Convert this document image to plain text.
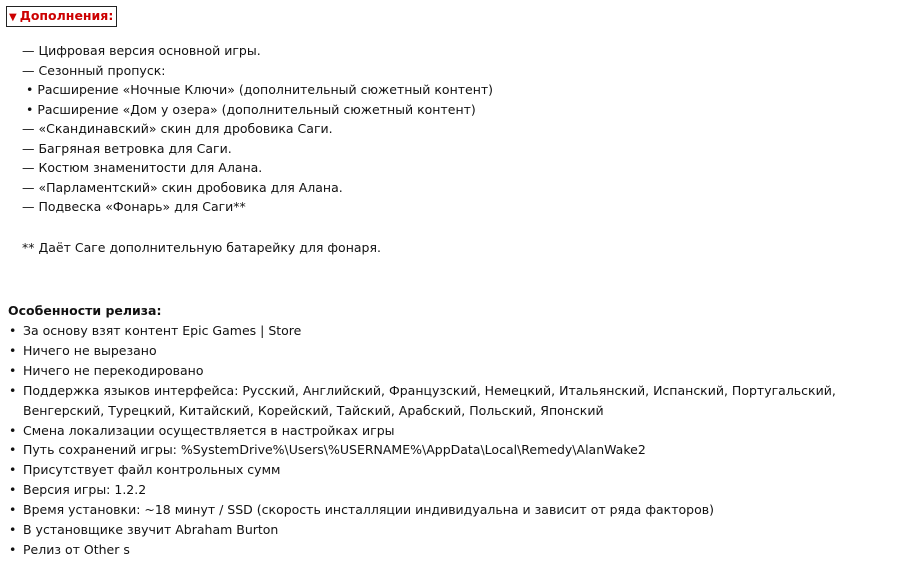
▼ Дополнения:
— Цифровая версия основной игры.
— Сезонный пропуск:
• Расширение «Ночные Ключи» (дополнительный сюжетный контент)
• Расширение «Дом у озера» (дополнительный сюжетный контент)
— «Скандинавский» скин для дробовика Саги.
— Багряная ветровка для Саги.
— Костюм знаменитости для Алана.
— «Парламентский» скин дробовика для Алана.
— Подвеска «Фонарь» для Саги**
** Даёт Саге дополнительную батарейку для фонаря.
Особенности релиза:
• За основу взят контент Epic Games | Store
• Ничего не вырезано
• Ничего не перекодировано
• Поддержка языков интерфейса: Русский, Английский, Французский, Немецкий, Итальянский, Испанский, Португальский, Венгерский, Турецкий, Китайский, Корейский, Тайский, Арабский, Польский, Японский
• Смена локализации осуществляется в настройках игры
• Путь сохранений игры: %SystemDrive%\Users\%USERNAME%\AppData\Local\Remedy\AlanWake2
• Присутствует файл контрольных сумм
• Версия игры: 1.2.2
• Время установки: ~18 минут / SSD (скорость инсталляции индивидуальна и зависит от ряда факторов)
• В установщике звучит Abraham Burton
• Релиз от Other s
